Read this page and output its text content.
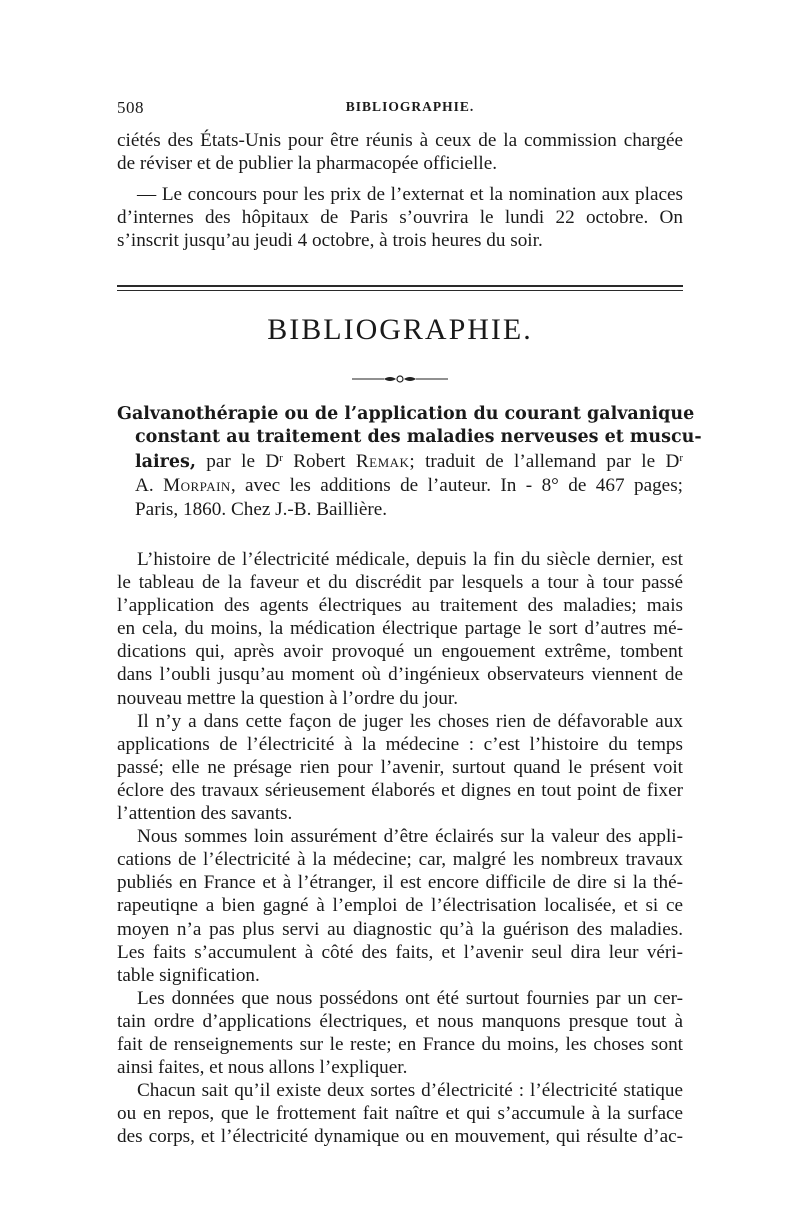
508	BIBLIOGRAPHIE.

ciétés des États-Unis pour être réunis à ceux de la commission chargée
de réviser et de publier la pharmacopée officielle.

— Le concours pour les prix de l’externat et la nomination aux places
d’internes des hôpitaux de Paris s’ouvrira le lundi 22 octobre. On
s’inscrit jusqu’au jeudi 4 octobre, à trois heures du soir.

BIBLIOGRAPHIE.
Galvanothérapie ou de l’application du courant galvanique
constant au traitement des maladies nerveuses et muscu-
laires, par le $D^r$ Robert Remak; traduit de l’allemand par le $D^r$
A. Morpain, avec les additions de l’auteur. In - 8° de 467 pages;
Paris, 1860. Chez J.-B. Baillière.

L’histoire de l’électricité médicale, depuis la fin du siècle dernier, est
le tableau de la faveur et du discrédit par lesquels a tour à tour passé
l’application des agents électriques au traitement des maladies; mais
en cela, du moins, la médication électrique partage le sort d’autres mé-
dications qui, après avoir provoqué un engouement extrême, tombent
dans l’oubli jusqu’au moment où d’ingénieux observateurs viennent de
nouveau mettre la question à l’ordre du jour.

Il n’y a dans cette façon de juger les choses rien de défavorable aux
applications de l’électricité à la médecine : c’est l’histoire du temps
passé; elle ne présage rien pour l’avenir, surtout quand le présent voit
éclore des travaux sérieusement élaborés et dignes en tout point de fixer
l’attention des savants.

Nous sommes loin assurément d’être éclairés sur la valeur des appli-
cations de l’électricité à la médecine; car, malgré les nombreux travaux
publiés en France et à l’étranger, il est encore difficile de dire si la thé-
rapeutiqne a bien gagné à l’emploi de l’électrisation localisée, et si ce
moyen n’a pas plus servi au diagnostic qu’à la guérison des maladies.
Les faits s’accumulent à côté des faits, et l’avenir seul dira leur véri-
table signification.

Les données que nous possédons ont été surtout fournies par un cer-
tain ordre d’applications électriques, et nous manquons presque tout à
fait de renseignements sur le reste; en France du moins, les choses sont
ainsi faites, et nous allons l’expliquer.

Chacun sait qu’il existe deux sortes d’électricité : l’électricité statique
ou en repos, que le frottement fait naître et qui s’accumule à la surface
des corps, et l’électricité dynamique ou en mouvement, qui résulte d’ac-
